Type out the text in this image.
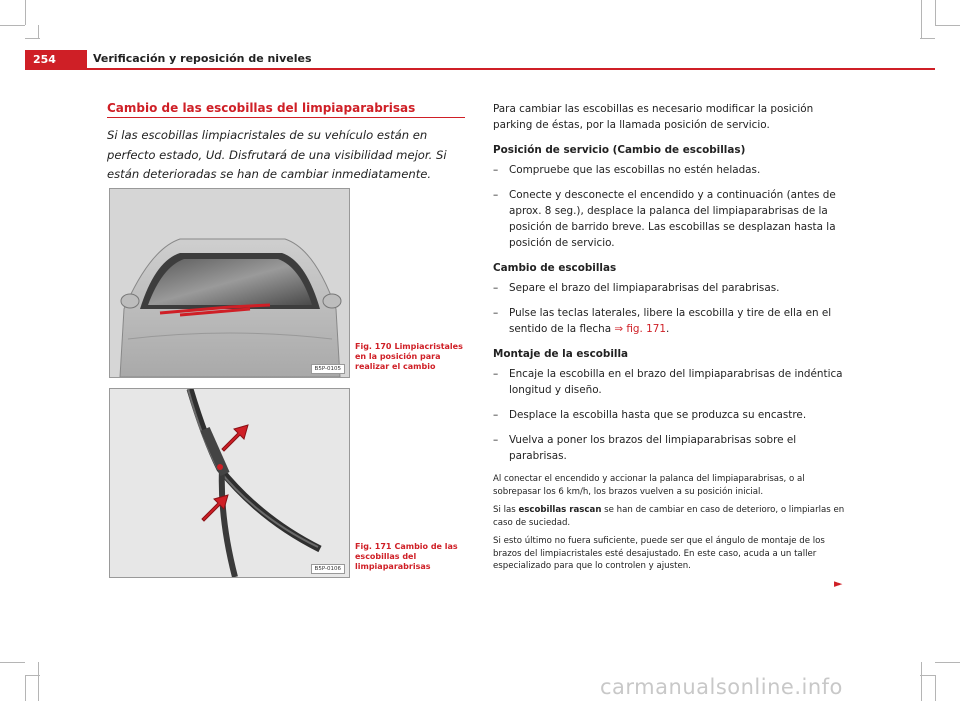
254	Verificación y reposición de niveles
Cambio de las escobillas del limpiaparabrisas
Si las escobillas limpiacristales de su vehículo están en perfecto estado, Ud. Disfrutará de una visibilidad mejor. Si están deterioradas se han de cambiar inmediatamente.
B5P-0105
Fig. 170 Limpiacristales en la posición para realizar el cambio
B5P-0106
Fig. 171 Cambio de las escobillas del limpiaparabrisas

Para cambiar las escobillas es necesario modificar la posición parking de éstas, por la llamada posición de servicio.

Posición de servicio (Cambio de escobillas)

– Compruebe que las escobillas no estén heladas.
– Conecte y desconecte el encendido y a continuación (antes de aprox. 8 seg.), desplace la palanca del limpiaparabrisas de la posición de barrido breve. Las escobillas se desplazan hasta la posición de servicio.

Cambio de escobillas

– Separe el brazo del limpiaparabrisas del parabrisas.
– Pulse las teclas laterales, libere la escobilla y tire de ella en el sentido de la flecha ⇒ fig. 171.

Montaje de la escobilla

– Encaje la escobilla en el brazo del limpiaparabrisas de indéntica longitud y diseño.
– Desplace la escobilla hasta que se produzca su encastre.
– Vuelva a poner los brazos del limpiaparabrisas sobre el parabrisas.

Al conectar el encendido y accionar la palanca del limpiaparabrisas, o al sobrepasar los 6 km/h, los brazos vuelven a su posición inicial.

Si las escobillas rascan se han de cambiar en caso de deterioro, o limpiarlas en caso de suciedad.

Si esto último no fuera suficiente, puede ser que el ángulo de montaje de los brazos del limpiacristales esté desajustado. En este caso, acuda a un taller especializado para que lo controlen y ajusten.

►
carmanualsonline.info
